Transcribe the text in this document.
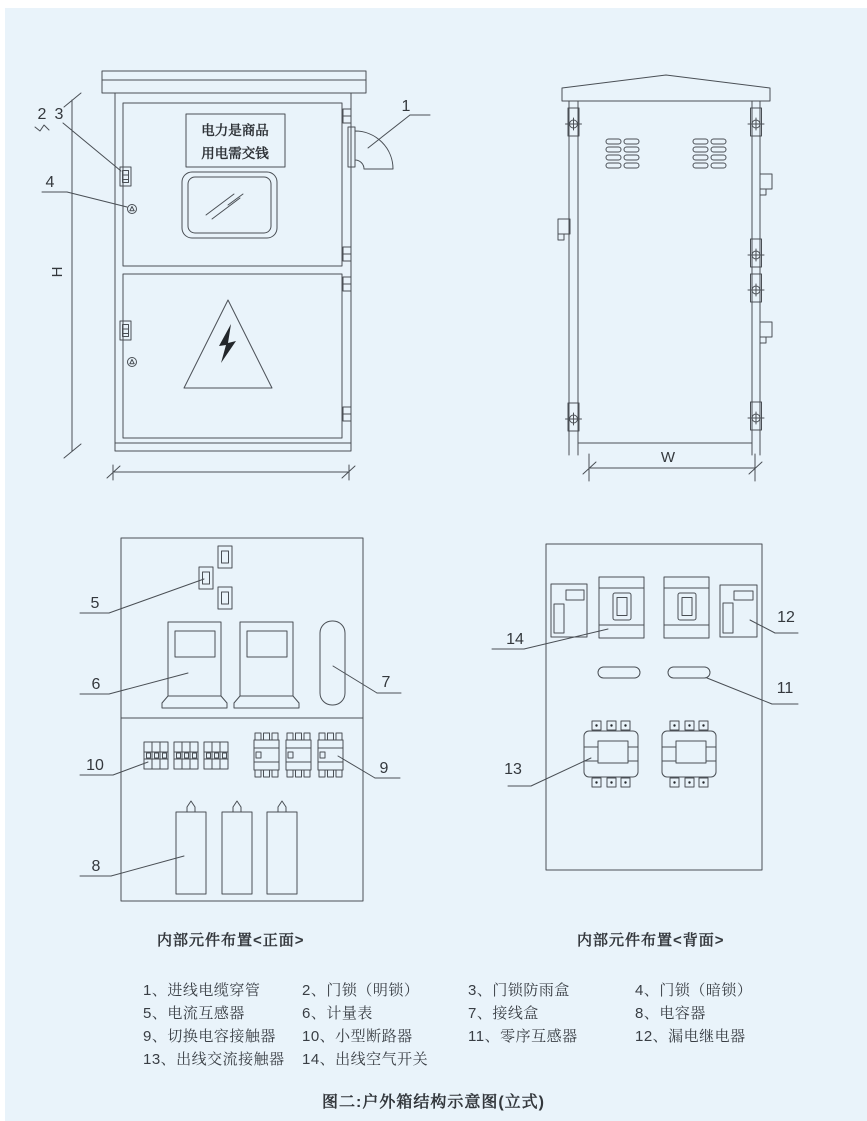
电力是商品
用电需交钱
H
1
2 3
4
W
5
6	7
10	9
8
14
12
11
13
内部元件布置<正面>	内部元件布置<背面>
1、进线电缆穿管	2、门锁（明锁）	3、门锁防雨盒	4、门锁（暗锁）
5、电流互感器	6、计量表	7、接线盒	8、电容器
9、切换电容接触器	10、小型断路器	11、零序互感器	12、漏电继电器
13、出线交流接触器	14、出线空气开关
图二:户外箱结构示意图(立式)
